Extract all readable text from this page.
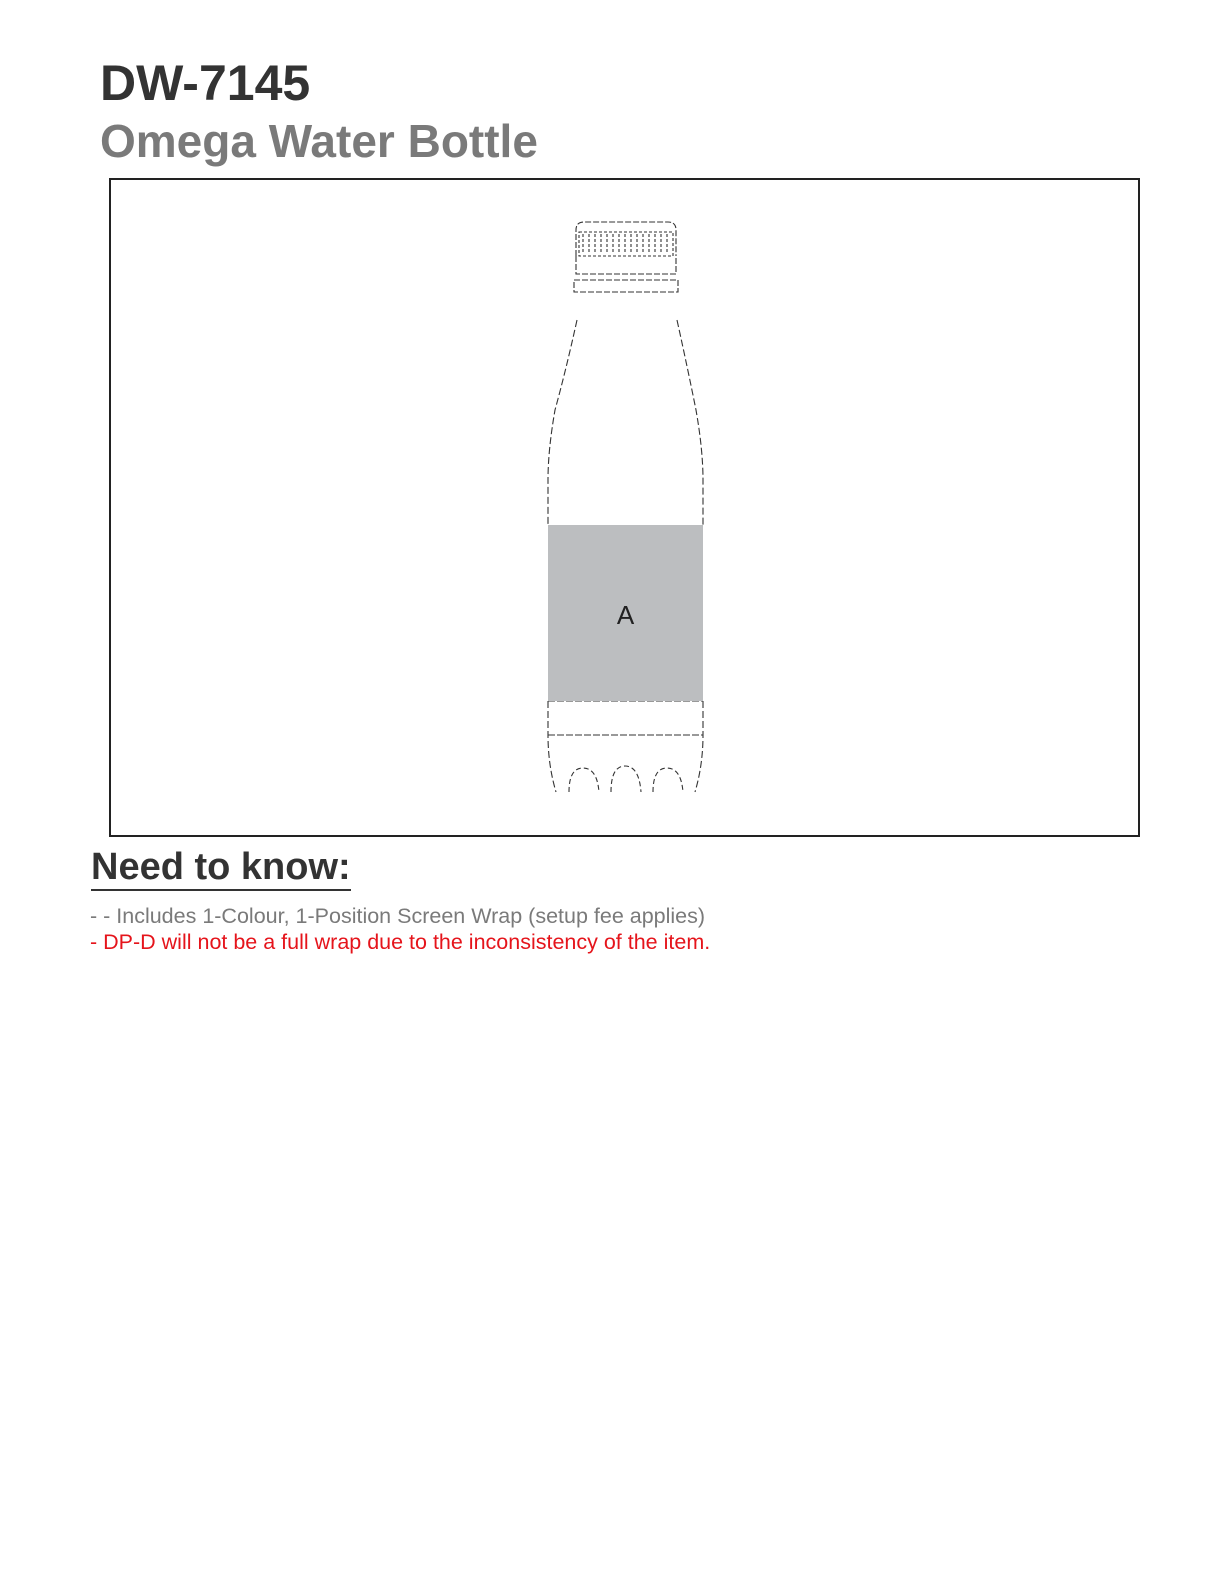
DW-7145
Omega Water Bottle
A
Need to know:
- - Includes 1-Colour, 1-Position Screen Wrap (setup fee applies)
- DP-D will not be a full wrap due to the inconsistency of the item.
